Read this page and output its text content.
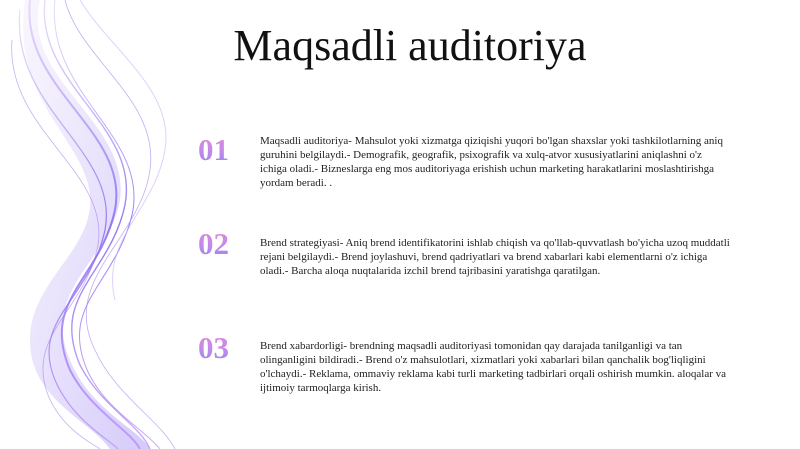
Maqsadli auditoriya
01	Maqsadli auditoriya- Mahsulot yoki xizmatga qiziqishi yuqori bo'lgan shaxslar yoki tashkilotlarning aniq guruhini belgilaydi.- Demografik, geografik, psixografik va xulq-atvor xususiyatlarini aniqlashni o'z ichiga oladi.- Bizneslarga eng mos auditoriyaga erishish uchun marketing harakatlarini moslashtirishga yordam beradi. .
02	Brend strategiyasi- Aniq brend identifikatorini ishlab chiqish va qo'llab-quvvatlash bo'yicha uzoq muddatli rejani belgilaydi.- Brend joylashuvi, brend qadriyatlari va brend xabarlari kabi elementlarni o'z ichiga oladi.- Barcha aloqa nuqtalarida izchil brend tajribasini yaratishga qaratilgan.
03	Brend xabardorligi- brendning maqsadli auditoriyasi tomonidan qay darajada tanilganligi va tan olinganligini bildiradi.- Brend o'z mahsulotlari, xizmatlari yoki xabarlari bilan qanchalik bog'liqligini o'lchaydi.- Reklama, ommaviy reklama kabi turli marketing tadbirlari orqali oshirish mumkin. aloqalar va ijtimoiy tarmoqlarga kirish.
